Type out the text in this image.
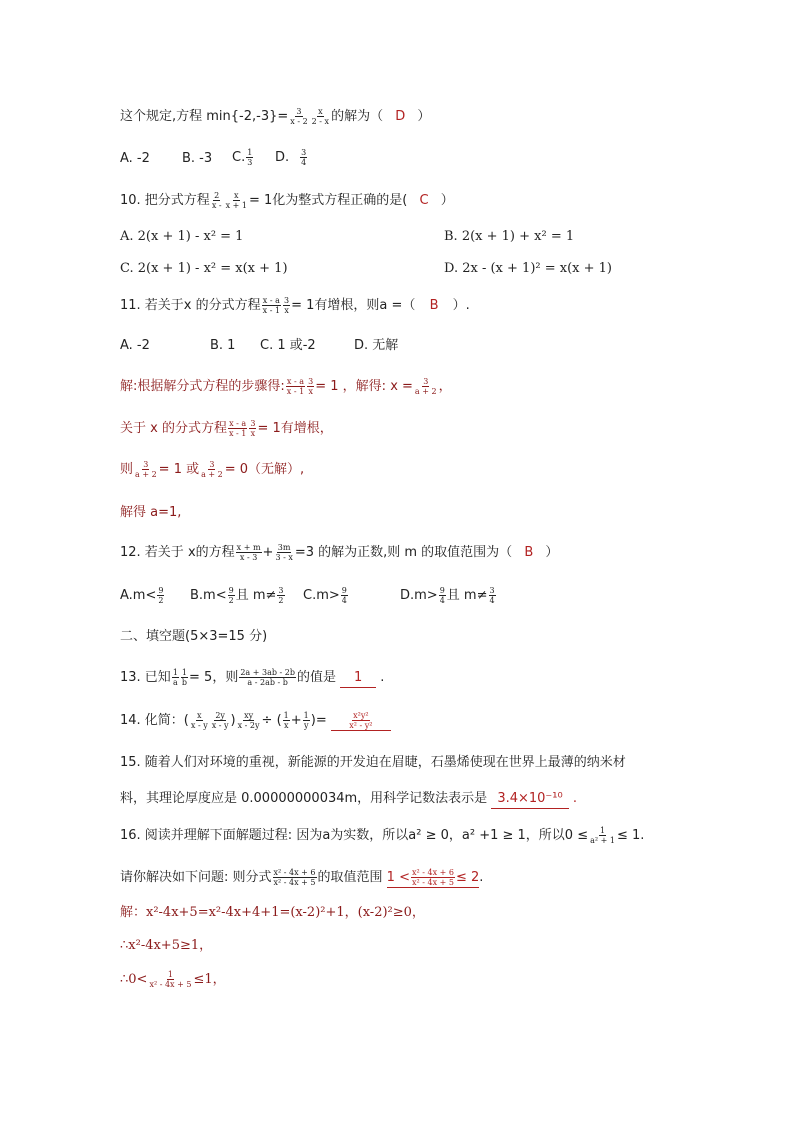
这个规定,方程 $\min\{-2,-3\}= \frac{3}{x - 2} \frac{x}{2 - x}$ 的解为（ D ）
A. -2 B. -3 C. $\frac{1}{3} D$. $\frac{3}{4}$
10. 把分式方程 $\frac{2}{x -} \frac{x}{x + 1} = 1$化为整式方程正确的是( C ）
A. 2(x + 1) - x² = 1	B. 2(x + 1) + x² = 1
C. 2(x + 1) - x² = x(x + 1)	D. 2x - (x + 1)² = x(x + 1)
11. 若关于x 的分式方程 $\frac{x - a}{x - 1} \frac{3}{x} = 1$有增根，则a =（ B ）.
A. -2	B. 1 C. 1 或-2	D. 无解
解:根据解分式方程的步骤得: $\frac{x - a}{x - 1} \frac{3}{x} = 1$ ，解得: $x = \frac{3}{a + 2}$ ，
关于 x 的分式方程 $\frac{x - a}{x - 1} \frac{3}{x} = 1$有增根，
则 $\frac{3}{a + 2} = 1$ 或 $\frac{3}{a + 2} = 0$（无解）,
解得 a=1,
12. 若关于 x的方程 $\frac{x + m}{x - 3} + \frac{3m}{3 - x} =3$ 的解为正数,则 m 的取值范围为（ B ）
$A.m< \frac{9}{2} B.m< \frac{9}{2}$ 且 $m\ne \frac{3}{2} C.m> \frac{9}{4}$	$D.m> \frac{9}{4}$ 且 $m\ne \frac{3}{4}$
二、填空题(5×3=15 分)
13. 已知 $\frac{1}{a} \frac{1}{b} = 5$，则 $\frac{2a + 3ab - 2b}{a - 2ab - b}$ 的值是 1 .
14. 化简：( $\frac{x}{x - y} \frac{2y}{x - y}$ ) $\frac{xy}{x - 2y}$ ÷ ( $\frac{1}{x} + \frac{1}{y}$ )=	$\frac{\text{x²y²}}{\text{x² - y²}}$
15. 随着人们对环境的重视，新能源的开发迫在眉睫，石墨烯使现在世界上最薄的纳米材
料，其理论厚度应是 0.00000000034m，用科学记数法表示是 3.4×10⁻¹⁰ .
16. 阅读并理解下面解题过程: 因为a为实数，所以a² ≥ 0，a² +1 ≥ 1，所以$0 \le \frac{1}{\text{a² + 1}} \le 1$.
请你解决如下问题: 则分式 $\frac{\text{x² - 4x + 6}}{\text{x² - 4x + 5}}$ 的取值范围 $1 < \frac{\text{x² - 4x + 6}}{\text{x² - 4x + 5}} \le 2$.
解：x²-4x+5=x²-4x+4+1=(x-2)²+1，(x-2)²≥0，
∴x²-4x+5≥1，
∴0< $\frac{1}{\text{x² - 4x + 5}} \le 1$，
